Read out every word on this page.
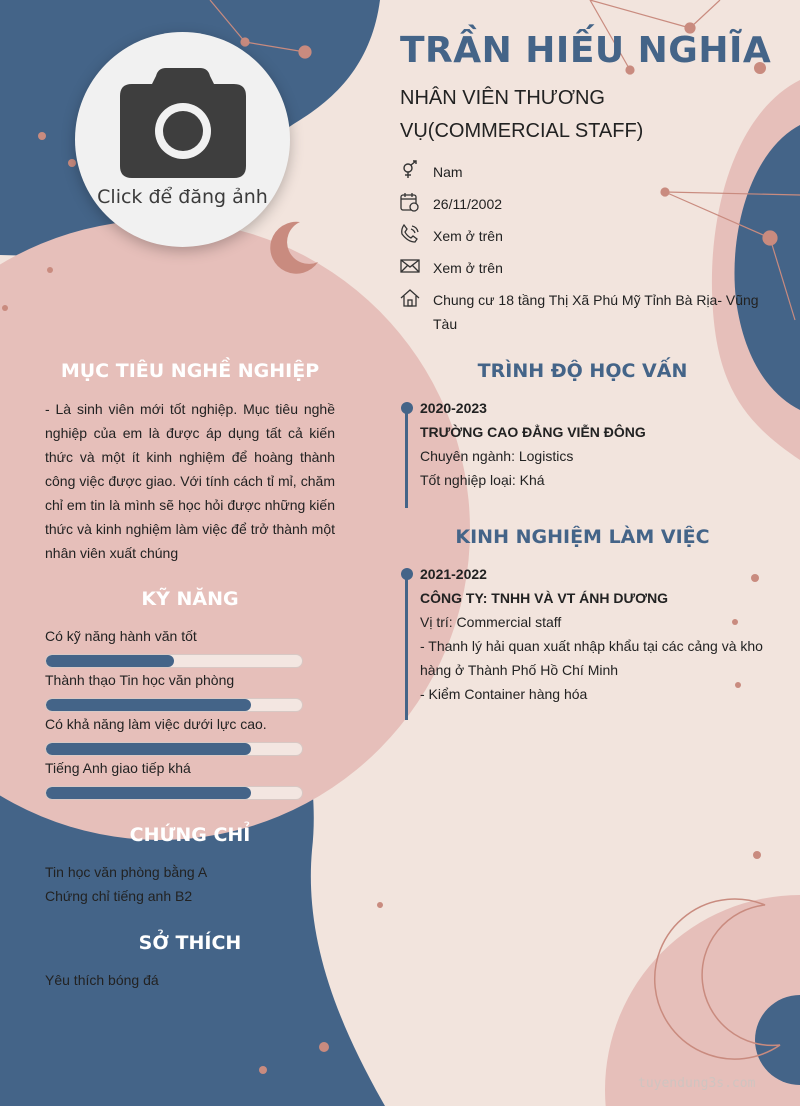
Click để đăng ảnh
TRẦN HIẾU NGHĨA
NHÂN VIÊN THƯƠNG VỤ(COMMERCIAL STAFF)
Nam
26/11/2002
Xem ở trên
Xem ở trên
Chung cư 18 tầng Thị Xã Phú Mỹ Tỉnh Bà Rịa- Vũng Tàu
MỤC TIÊU NGHỀ NGHIỆP
- Là sinh viên mới tốt nghiệp. Mục tiêu nghề nghiệp của em là được áp dụng tất cả kiến thức và một ít kinh nghiệm để hoàng thành công việc được giao. Với tính cách tỉ mỉ, chăm chỉ em tin là mình sẽ học hỏi được những kiến thức và kinh nghiệm làm việc để trở thành một nhân viên xuất chúng
KỸ NĂNG
Có kỹ năng hành văn tốt
Thành thạo Tin học văn phòng
Có khả năng làm việc dưới lực cao.
Tiếng Anh giao tiếp khá
CHỨNG CHỈ
Tin học văn phòng bằng A
Chứng chỉ tiếng anh B2
SỞ THÍCH
Yêu thích bóng đá
TRÌNH ĐỘ HỌC VẤN
2020-2023
TRƯỜNG CAO ĐẲNG VIỄN ĐÔNG
Chuyên ngành: Logistics
Tốt nghiệp loại: Khá
KINH NGHIỆM LÀM VIỆC
2021-2022
CÔNG TY: TNHH VÀ VT ÁNH DƯƠNG
Vị trí: Commercial staff
- Thanh lý hải quan xuất nhập khẩu tại các cảng và kho hàng ở Thành Phố Hồ Chí Minh
- Kiểm Container hàng hóa
tuyendung3s.com
